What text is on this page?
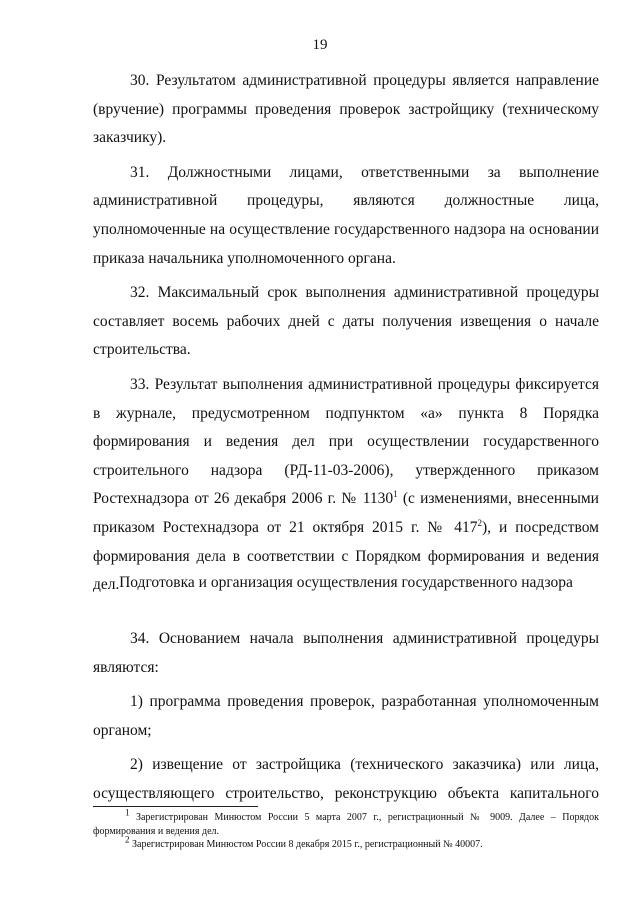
19

30. Результатом административной процедуры является направление (вручение) программы проведения проверок застройщику (техническому заказчику).

31. Должностными лицами, ответственными за выполнение административной процедуры, являются должностные лица, уполномоченные на осуществление государственного надзора на основании приказа начальника уполномоченного органа.

32. Максимальный срок выполнения административной процедуры составляет восемь рабочих дней с даты получения извещения о начале строительства.

33. Результат выполнения административной процедуры фиксируется в журнале, предусмотренном подпунктом «а» пункта 8 Порядка формирования и ведения дел при осуществлении государственного строительного надзора (РД-11-03-2006), утвержденного приказом Ростехнадзора от 26 декабря 2006 г. № 1130$^1$ (с изменениями, внесенными приказом Ростехнадзора от 21 октября 2015 г. № $417^2$), и посредством формирования дела в соответствии с Порядком формирования и ведения дел. Подготовка и организация осуществления государственного надзора

34. Основанием начала выполнения административной процедуры являются:

1) программа проведения проверок, разработанная уполномоченным органом;

2) извещение от застройщика (технического заказчика) или лица, осуществляющего строительство, реконструкцию объекта капитального

$^1$ Зарегистрирован Минюстом России 5 марта 2007 г., регистрационный № 9009. Далее – Порядок формирования и ведения дел.

$^2$ Зарегистрирован Минюстом России 8 декабря 2015 г., регистрационный № 40007.
